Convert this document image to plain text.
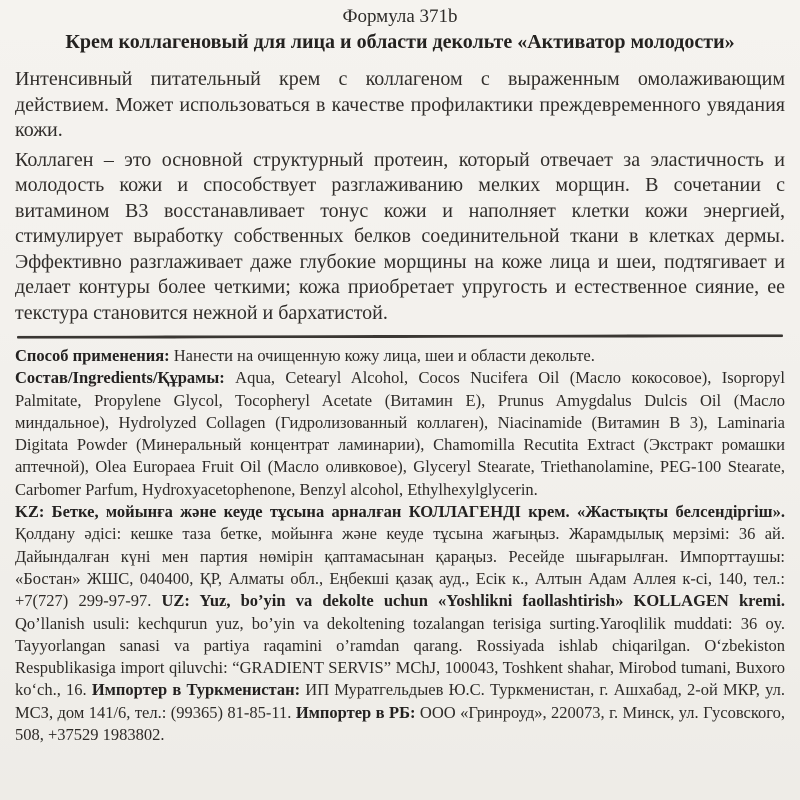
Формула 371b
Крем коллагеновый для лица и области декольте «Активатор молодости»
Интенсивный питательный крем с коллагеном с выраженным омолаживающим действием. Может использоваться в качестве профилактики преждевременного увядания кожи.
Коллаген – это основной структурный протеин, который отвечает за эластичность и молодость кожи и способствует разглаживанию мелких морщин. В сочетании с витамином В3 восстанавливает тонус кожи и наполняет клетки кожи энергией, стимулирует выработку собственных белков соединительной ткани в клетках дермы. Эффективно разглаживает даже глубокие морщины на коже лица и шеи, подтягивает и делает контуры более четкими; кожа приобретает упругость и естественное сияние, ее текстура становится нежной и бархатистой.
Способ применения: Нанести на очищенную кожу лица, шеи и области декольте.
Состав/Ingredients/Құрамы: Aqua, Cetearyl Alcohol, Cocos Nucifera Oil (Масло кокосовое), Isopropyl Palmitate, Propylene Glycol, Tocopheryl Acetate (Витамин Е), Prunus Amygdalus Dulcis Oil (Масло миндальное), Hydrolyzed Collagen (Гидролизованный коллаген), Niacinamide (Витамин В 3), Laminaria Digitata Powder (Минеральный концентрат ламинарии), Chamomilla Recutita Extract (Экстракт ромашки аптечной), Olea Europaea Fruit Oil (Масло оливковое), Glyceryl Stearate, Triethanolamine, PEG-100 Stearate, Carbomer Parfum, Hydroxyacetophenone, Benzyl alcohol, Ethylhexylglycerin.
KZ: Бетке, мойынға және кеуде тұсына арналған КОЛЛАГЕНДІ крем. «Жастықты белсендіргіш». Қолдану әдісі: кешке таза бетке, мойынға және кеуде тұсына жағыңыз. Жарамдылық мерзімі: 36 ай. Дайындалған күні мен партия нөмірін қаптамасынан қараңыз. Ресейде шығарылған. Импорттаушы: «Бостан» ЖШС, 040400, ҚР, Алматы обл., Еңбекші қазақ ауд., Есік к., Алтын Адам Аллея к-сі, 140, тел.: +7(727) 299-97-97. UZ: Yuz, bo’yin va dekolte uchun «Yoshlikni faollashtirish» KOLLAGEN kremi. Qo’llanish usuli: kechqurun yuz, bo’yin va dekoltening tozalangan terisiga surting.Yaroqlilik muddati: 36 oy. Tayyorlangan sanasi va partiya raqamini o’ramdan qarang. Rossiyada ishlab chiqarilgan. O‘zbekiston Respublikasiga import qiluvchi: “GRADIENT SERVIS” MChJ, 100043, Toshkent shahar, Mirobod tumani, Buxoro ko‘ch., 16. Импортер в Туркменистан: ИП Муратгельдыев Ю.С. Туркменистан, г. Ашхабад, 2-ой МКР, ул. МСЗ, дом 141/6, тел.: (99365) 81-85-11. Импортер в РБ: ООО «Гринроуд», 220073, г. Минск, ул. Гусовского, 508, +37529 1983802.
